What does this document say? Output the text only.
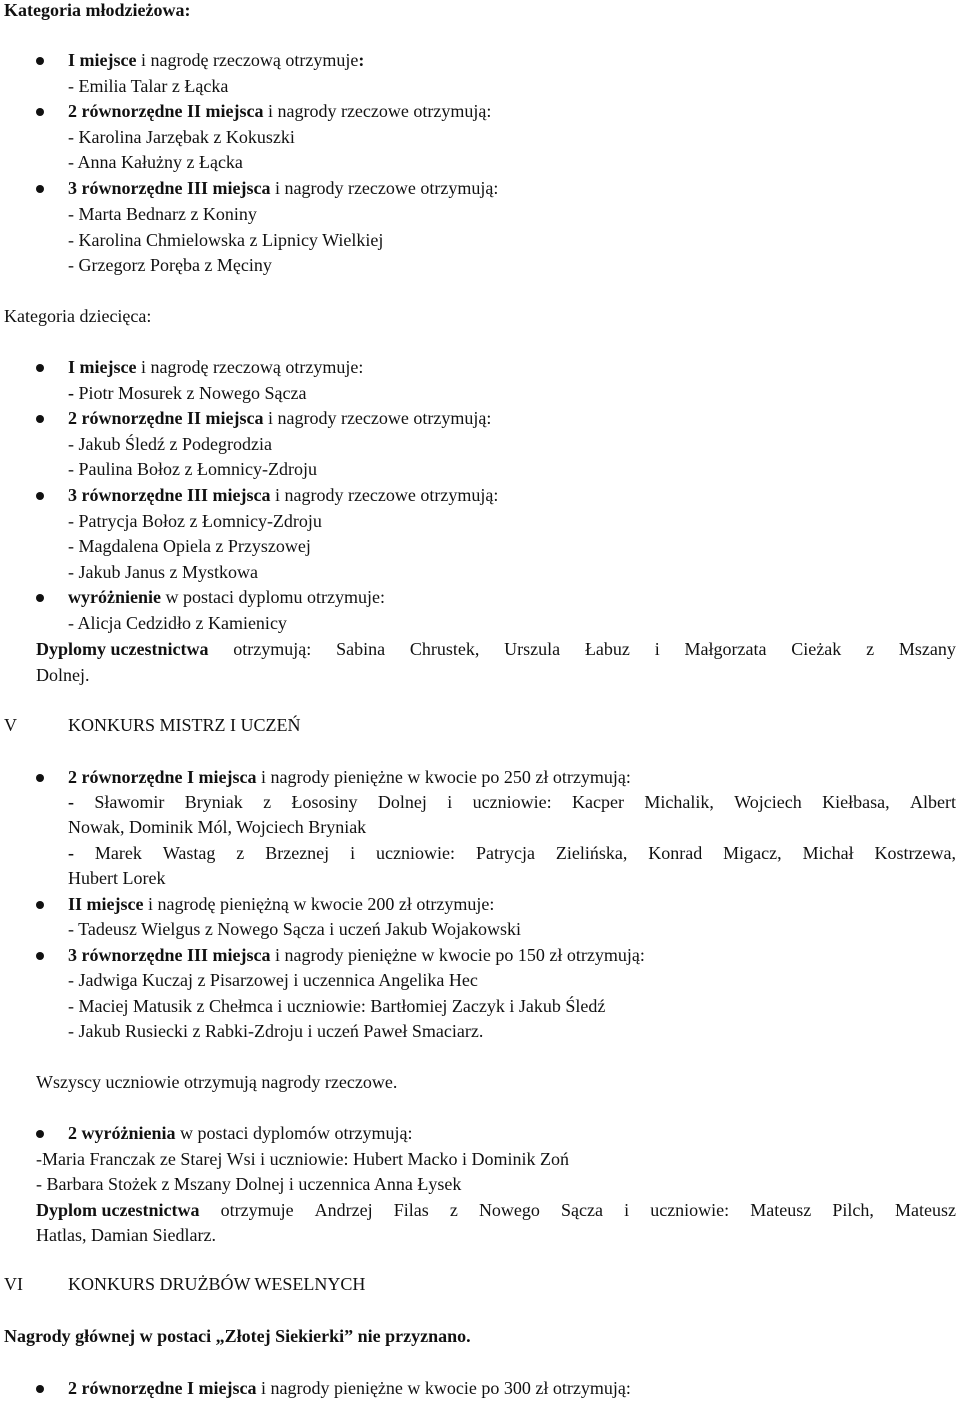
Kategoria młodzieżowa:
I miejsce i nagrodę rzeczową otrzymuje:
- Emilia Talar z Łącka
2 równorzędne II miejsca i nagrody rzeczowe otrzymują:
- Karolina Jarzębak z Kokuszki
- Anna Kałużny z Łącka
3 równorzędne III miejsca i nagrody rzeczowe otrzymują:
- Marta Bednarz z Koniny
- Karolina Chmielowska z Lipnicy Wielkiej
- Grzegorz Poręba z Męciny
Kategoria dziecięca:
I miejsce i nagrodę rzeczową otrzymuje:
- Piotr Mosurek z Nowego Sącza
2 równorzędne II miejsca i nagrody rzeczowe otrzymują:
- Jakub Śledź z Podegrodzia
- Paulina Bołoz z Łomnicy-Zdroju
3 równorzędne III miejsca i nagrody rzeczowe otrzymują:
- Patrycja Bołoz z Łomnicy-Zdroju
- Magdalena Opiela z Przyszowej
- Jakub Janus z Mystkowa
wyróżnienie w postaci dyplomu otrzymuje:
- Alicja Cedzidło z Kamienicy
Dyplomy uczestnictwa otrzymują: Sabina Chrustek, Urszula Łabuz i Małgorzata Cieżak z Mszany
Dolnej.
V	KONKURS MISTRZ I UCZEŃ
2 równorzędne I miejsca i nagrody pieniężne w kwocie po 250 zł otrzymują:
- Sławomir Bryniak z Łososiny Dolnej i uczniowie: Kacper Michalik, Wojciech Kiełbasa, Albert
Nowak, Dominik Mól, Wojciech Bryniak
- Marek Wastag z Brzeznej i uczniowie: Patrycja Zielińska, Konrad Migacz, Michał Kostrzewa,
Hubert Lorek
II miejsce i nagrodę pieniężną w kwocie 200 zł otrzymuje:
- Tadeusz Wielgus z Nowego Sącza i uczeń Jakub Wojakowski
3 równorzędne III miejsca i nagrody pieniężne w kwocie po 150 zł otrzymują:
- Jadwiga Kuczaj z Pisarzowej i uczennica Angelika Hec
- Maciej Matusik z Chełmca i uczniowie: Bartłomiej Zaczyk i Jakub Śledź
- Jakub Rusiecki z Rabki-Zdroju i uczeń Paweł Smaciarz.
Wszyscy uczniowie otrzymują nagrody rzeczowe.
2 wyróżnienia w postaci dyplomów otrzymują:
-Maria Franczak ze Starej Wsi i uczniowie: Hubert Macko i Dominik Zoń
- Barbara Stożek z Mszany Dolnej i uczennica Anna Łysek
Dyplom uczestnictwa otrzymuje Andrzej Filas z Nowego Sącza i uczniowie: Mateusz Pilch, Mateusz
Hatlas, Damian Siedlarz.
VI	KONKURS DRUŻBÓW WESELNYCH
Nagrody głównej w postaci „Złotej Siekierki” nie przyznano.
2 równorzędne I miejsca i nagrody pieniężne w kwocie po 300 zł otrzymują:
